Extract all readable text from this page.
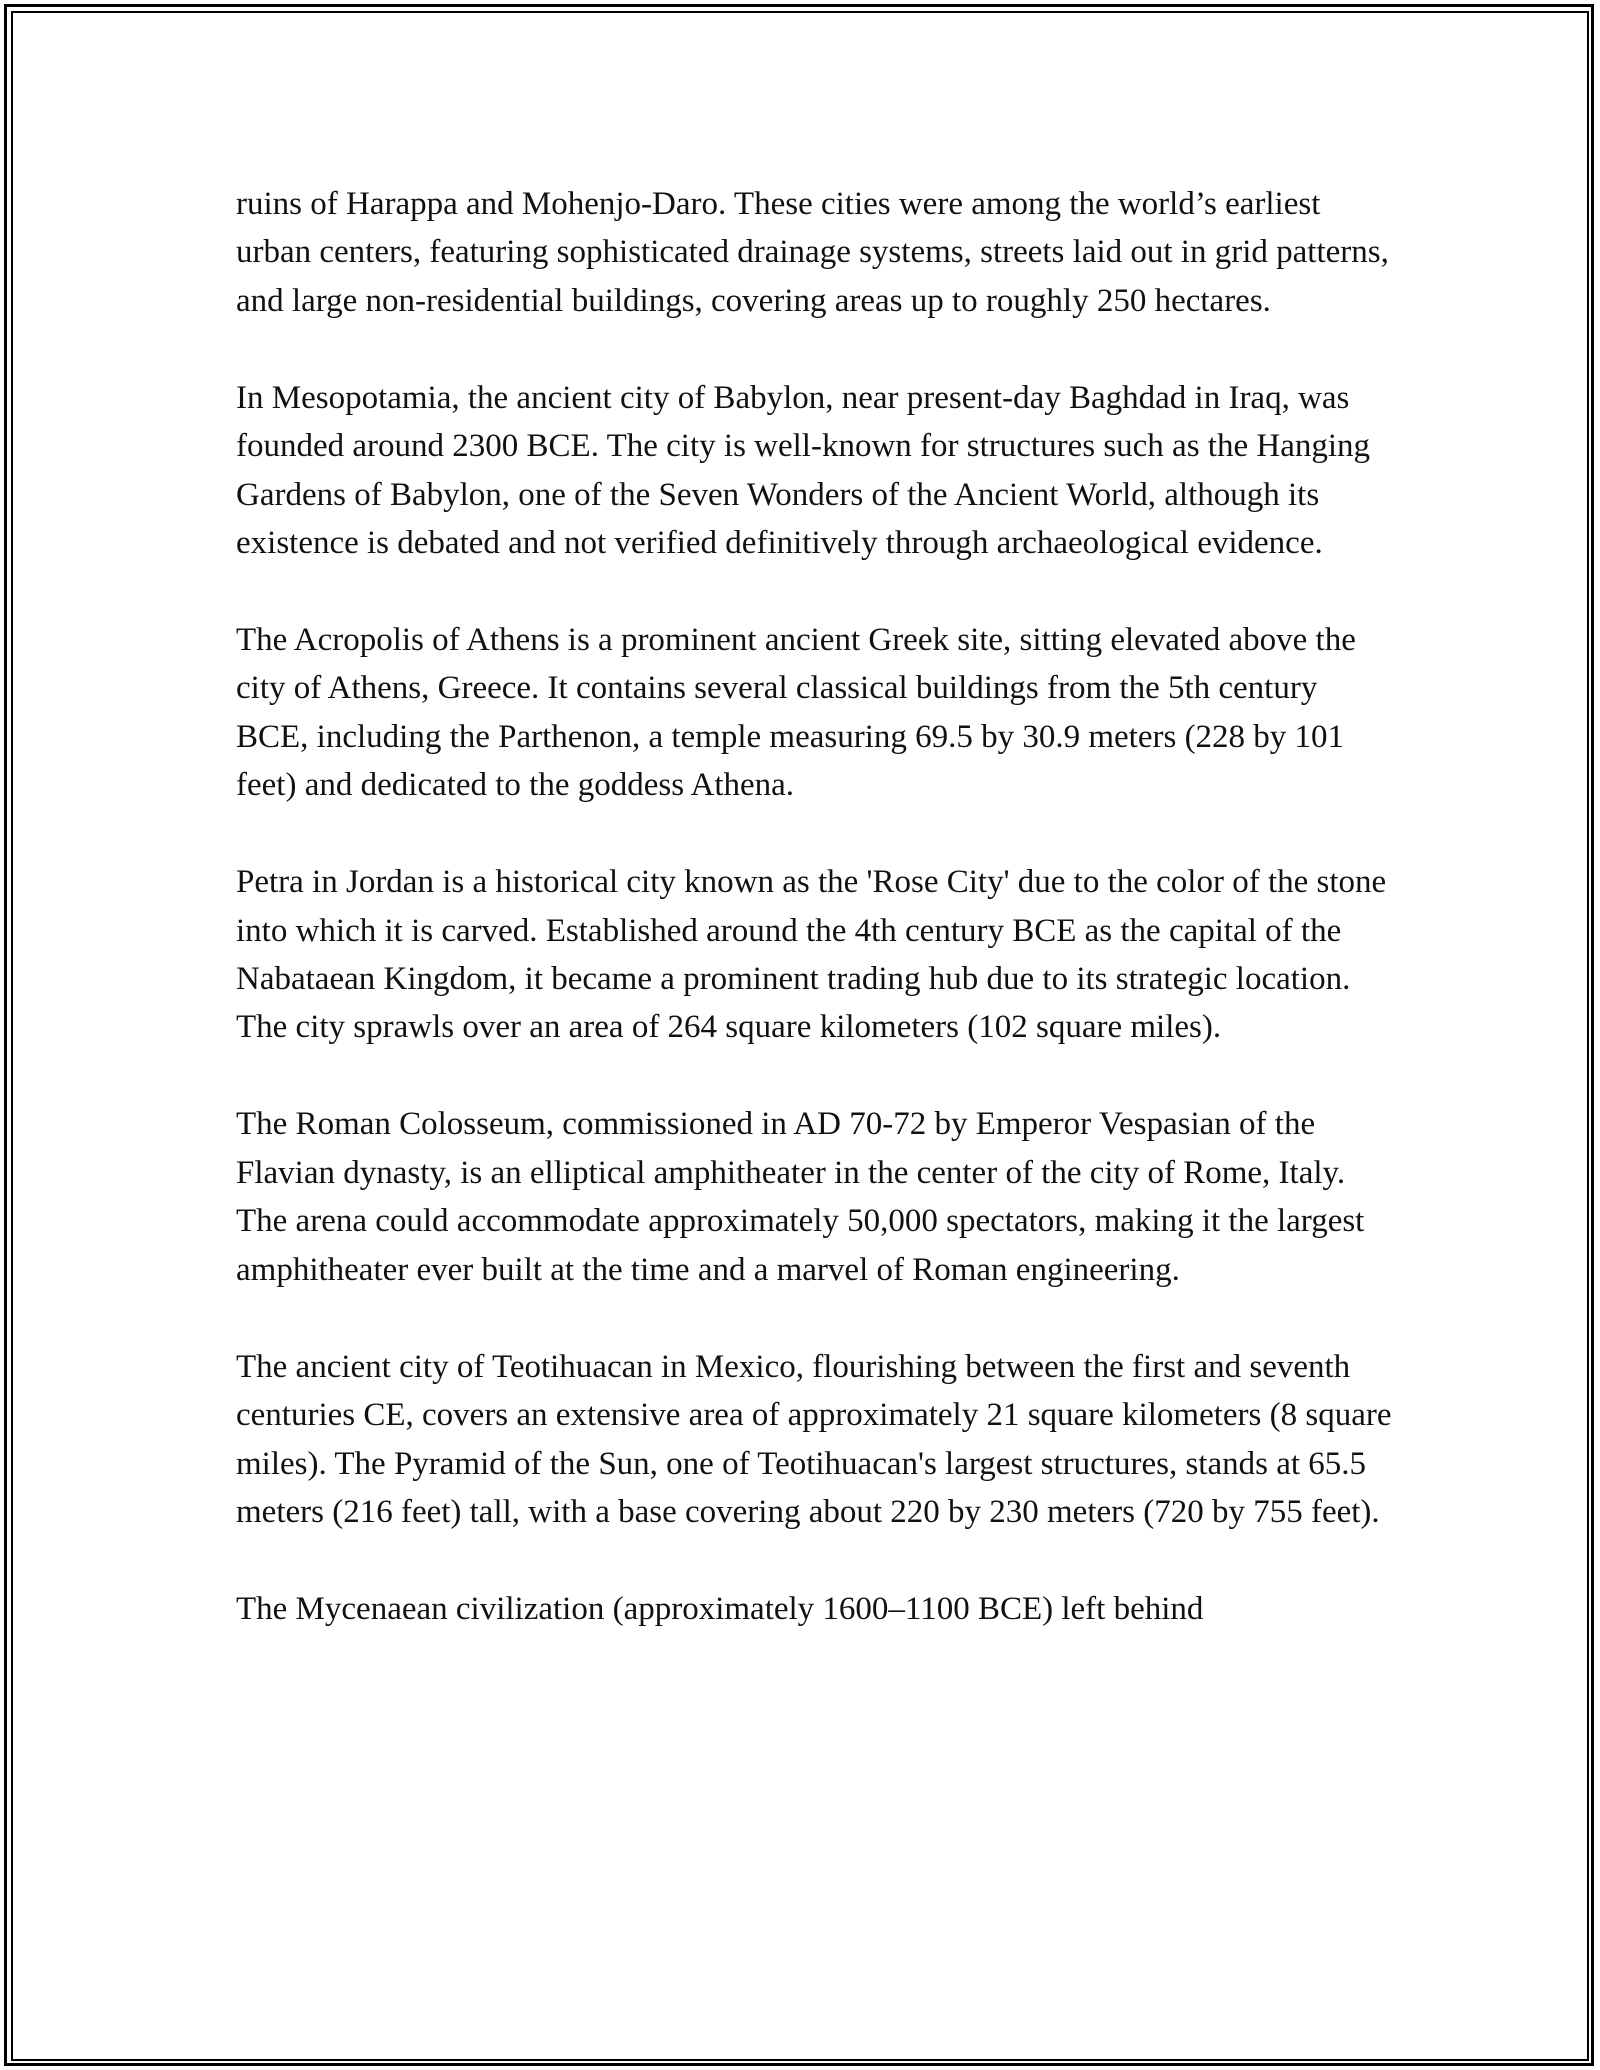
ruins of Harappa and Mohenjo-Daro. These cities were among the world’s earliest urban centers, featuring sophisticated drainage systems, streets laid out in grid patterns, and large non-residential buildings, covering areas up to roughly 250 hectares.

In Mesopotamia, the ancient city of Babylon, near present-day Baghdad in Iraq, was founded around 2300 BCE. The city is well-known for structures such as the Hanging Gardens of Babylon, one of the Seven Wonders of the Ancient World, although its existence is debated and not verified definitively through archaeological evidence.

The Acropolis of Athens is a prominent ancient Greek site, sitting elevated above the city of Athens, Greece. It contains several classical buildings from the 5th century BCE, including the Parthenon, a temple measuring 69.5 by 30.9 meters (228 by 101 feet) and dedicated to the goddess Athena.

Petra in Jordan is a historical city known as the 'Rose City' due to the color of the stone into which it is carved. Established around the 4th century BCE as the capital of the Nabataean Kingdom, it became a prominent trading hub due to its strategic location. The city sprawls over an area of 264 square kilometers (102 square miles).

The Roman Colosseum, commissioned in AD 70-72 by Emperor Vespasian of the Flavian dynasty, is an elliptical amphitheater in the center of the city of Rome, Italy. The arena could accommodate approximately 50,000 spectators, making it the largest amphitheater ever built at the time and a marvel of Roman engineering.

The ancient city of Teotihuacan in Mexico, flourishing between the first and seventh centuries CE, covers an extensive area of approximately 21 square kilometers (8 square miles). The Pyramid of the Sun, one of Teotihuacan's largest structures, stands at 65.5 meters (216 feet) tall, with a base covering about 220 by 230 meters (720 by 755 feet).

The Mycenaean civilization (approximately 1600–1100 BCE) left behind
